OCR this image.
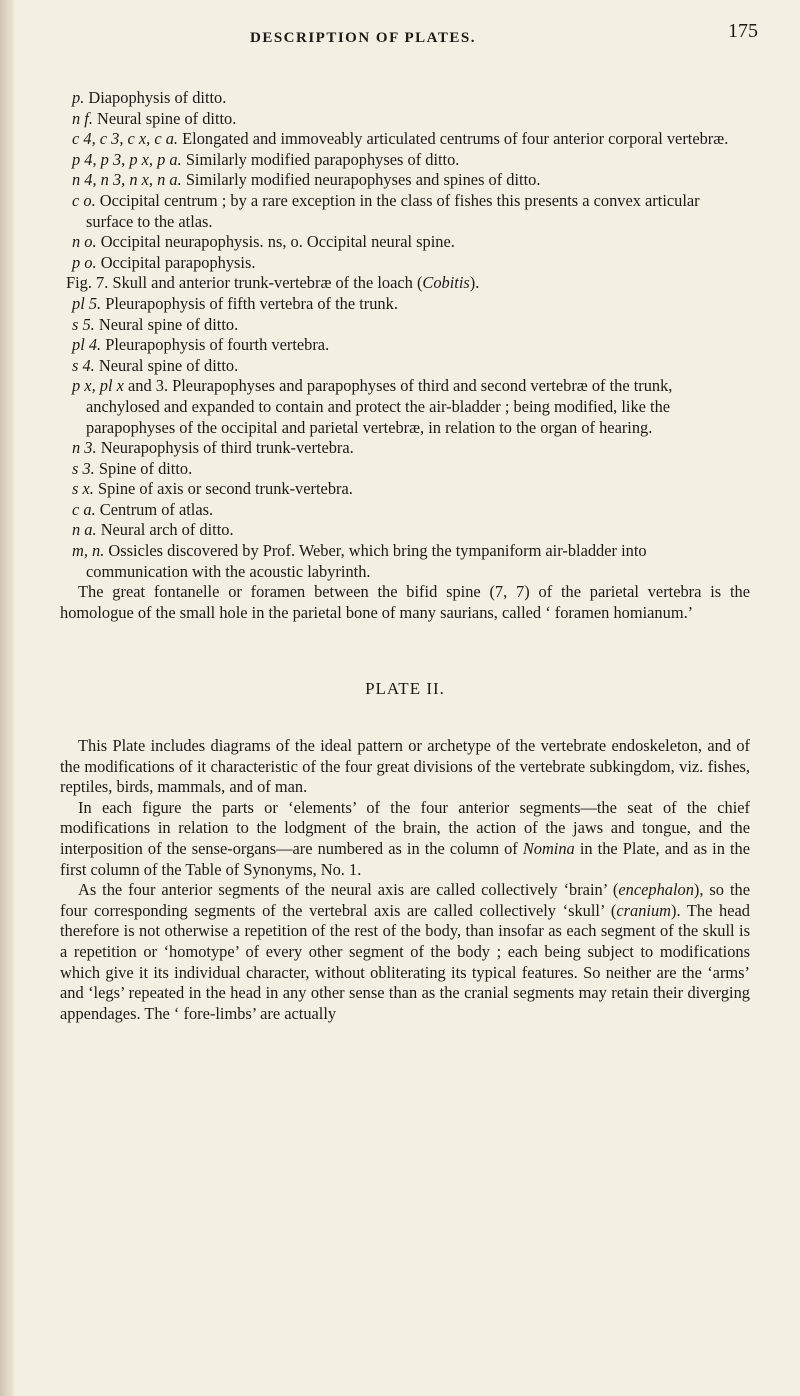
DESCRIPTION OF PLATES.	175

p. Diapophysis of ditto.

n f. Neural spine of ditto.

c 4, c 3, c x, c a. Elongated and immoveably articulated centrums of four anterior corporal vertebræ.

p 4, p 3, p x, p a. Similarly modified parapophyses of ditto.

n 4, n 3, n x, n a. Similarly modified neurapophyses and spines of ditto.

c o. Occipital centrum ; by a rare exception in the class of fishes this presents a convex articular surface to the atlas.

n o. Occipital neurapophysis. ns, o. Occipital neural spine.

p o. Occipital parapophysis.

Fig. 7. Skull and anterior trunk-vertebræ of the loach (Cobitis).

pl 5. Pleurapophysis of fifth vertebra of the trunk.

s 5. Neural spine of ditto.

pl 4. Pleurapophysis of fourth vertebra.

s 4. Neural spine of ditto.

p x, pl x and 3. Pleurapophyses and parapophyses of third and second vertebræ of the trunk, anchylosed and expanded to contain and protect the air-bladder ; being modified, like the parapophyses of the occipital and parietal vertebræ, in relation to the organ of hearing.

n 3. Neurapophysis of third trunk-vertebra.

s 3. Spine of ditto.

s x. Spine of axis or second trunk-vertebra.

c a. Centrum of atlas.

n a. Neural arch of ditto.

m, n. Ossicles discovered by Prof. Weber, which bring the tympaniform air-bladder into communication with the acoustic labyrinth.

The great fontanelle or foramen between the bifid spine (7, 7) of the parietal vertebra is the homologue of the small hole in the parietal bone of many saurians, called ‘ foramen homianum.’

PLATE II.

This Plate includes diagrams of the ideal pattern or archetype of the vertebrate endoskeleton, and of the modifications of it characteristic of the four great divisions of the vertebrate subkingdom, viz. fishes, reptiles, birds, mammals, and of man.

In each figure the parts or ‘elements’ of the four anterior segments—the seat of the chief modifications in relation to the lodgment of the brain, the action of the jaws and tongue, and the interposition of the sense-organs—are numbered as in the column of Nomina in the Plate, and as in the first column of the Table of Synonyms, No. 1.

As the four anterior segments of the neural axis are called collectively ‘brain’ (encephalon), so the four corresponding segments of the vertebral axis are called collectively ‘skull’ (cranium). The head therefore is not otherwise a repetition of the rest of the body, than insofar as each segment of the skull is a repetition or ‘homotype’ of every other segment of the body ; each being subject to modifications which give it its individual character, without obliterating its typical features. So neither are the ‘arms’ and ‘legs’ repeated in the head in any other sense than as the cranial segments may retain their diverging appendages. The ‘ fore-limbs’ are actually
